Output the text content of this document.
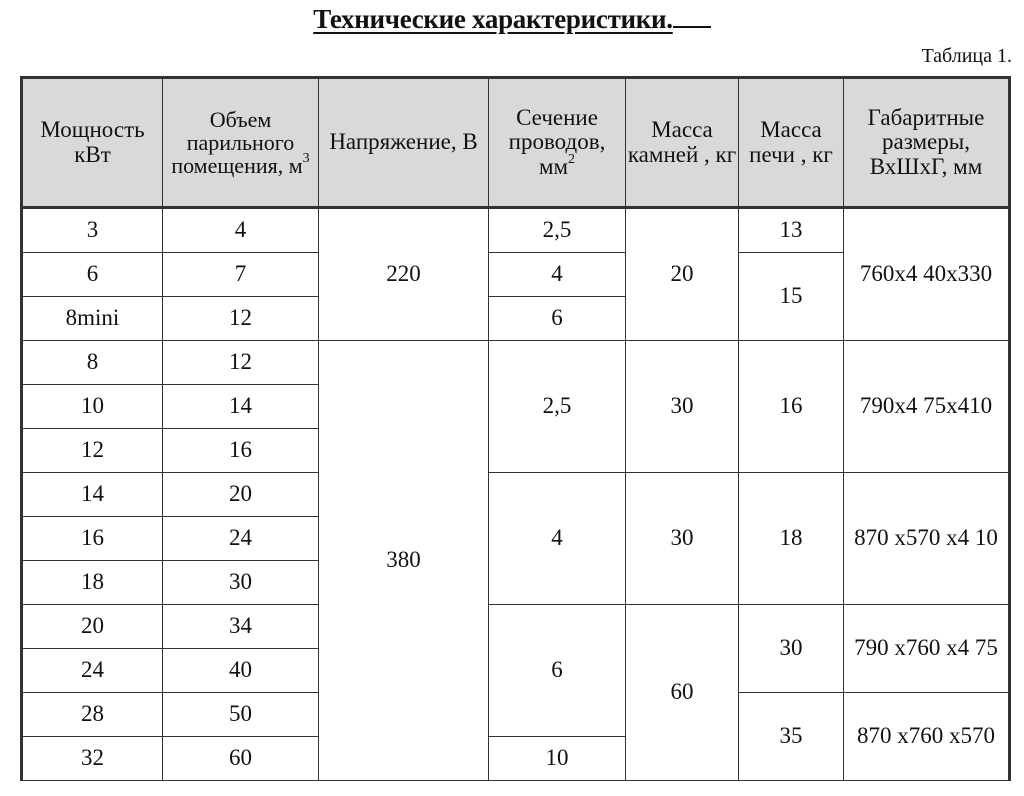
Технические характеристики.
Таблица 1.
Мощность кВт	Объем парильного помещения, $м^3$	Напряжение, В	Сечение проводов, $мм^2$	Масса камней , кг	Масса печи , кг	Габаритные размеры, ВхШхГ, мм
3	4	220	2,5	20	13	760х4 40х330
6	7		4		15	
8mini	12		6			
8	12	380	2,5	30	16	790х4 75х410
10	14					
12	16					
14	20		4	30	18	870 х570 х4 10
16	24					
18	30					
20	34		6	60	30	790 х760 х4 75
24	40					
28	50				35	870 х760 х570
32	60		10			
